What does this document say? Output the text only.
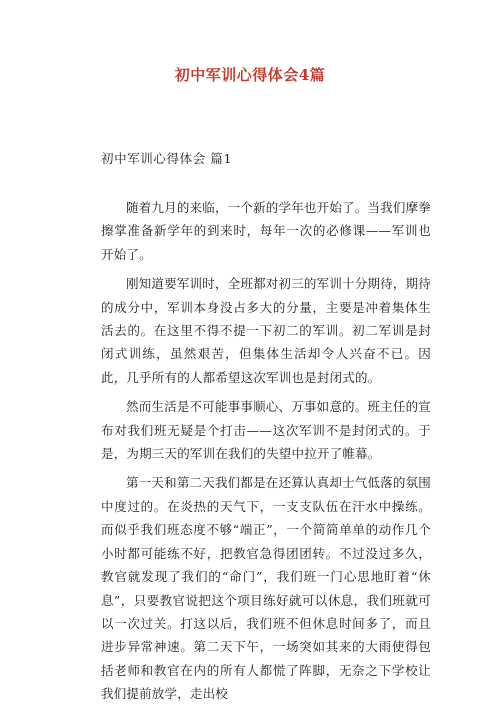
初中军训心得体会4篇
初中军训心得体会 篇1

随着九月的来临，一个新的学年也开始了。当我们摩拳擦掌准备新学年的到来时，每年一次的必修课——军训也开始了。

刚知道要军训时，全班都对初三的军训十分期待，期待的成分中，军训本身没占多大的分量，主要是冲着集体生活去的。在这里不得不提一下初二的军训。初二军训是封闭式训练，虽然艰苦，但集体生活却令人兴奋不已。因此，几乎所有的人都希望这次军训也是封闭式的。

然而生活是不可能事事顺心、万事如意的。班主任的宣布对我们班无疑是个打击——这次军训不是封闭式的。于是，为期三天的军训在我们的失望中拉开了帷幕。

第一天和第二天我们都是在还算认真却士气低落的氛围中度过的。在炎热的天气下，一支支队伍在汗水中操练。而似乎我们班态度不够“端正”，一个简简单单的动作几个小时都可能练不好，把教官急得团团转。不过没过多久，教官就发现了我们的“命门”，我们班一门心思地盯着“休息”，只要教官说把这个项目练好就可以休息，我们班就可以一次过关。打这以后，我们班不但休息时间多了，而且进步异常神速。第二天下午，一场突如其来的大雨使得包括老师和教官在内的所有人都慌了阵脚，无奈之下学校让我们提前放学，走出校
